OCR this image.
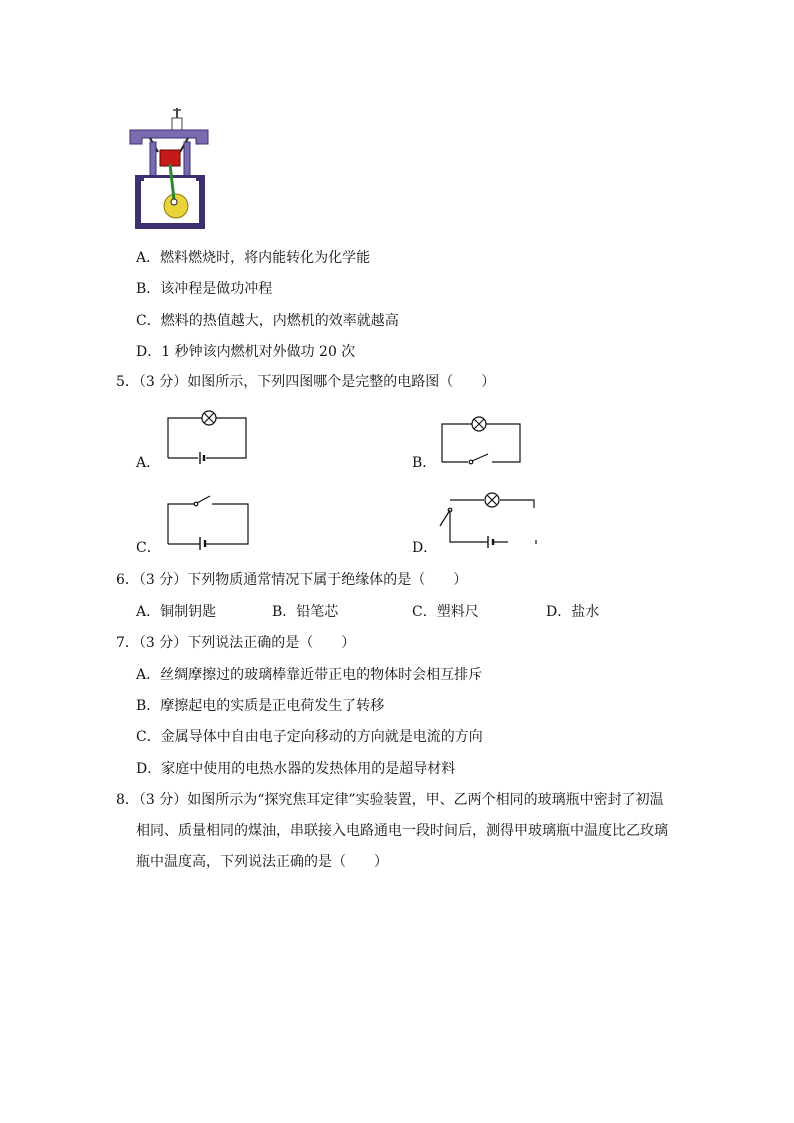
A．燃料燃烧时，将内能转化为化学能
B．该冲程是做功冲程
C．燃料的热值越大，内燃机的效率就越高
D．1 秒钟该内燃机对外做功 20 次
5．（3 分）如图所示，下列四图哪个是完整的电路图（　　）
A．	B．
C．	D．
6．（3 分）下列物质通常情况下属于绝缘体的是（　　）
A．铜制钥匙	B．铅笔芯	C．塑料尺	D．盐水
7．（3 分）下列说法正确的是（　　）
A．丝绸摩擦过的玻璃棒靠近带正电的物体时会相互排斥
B．摩擦起电的实质是正电荷发生了转移
C．金属导体中自由电子定向移动的方向就是电流的方向
D．家庭中使用的电热水器的发热体用的是超导材料
8．（3 分）如图所示为“探究焦耳定律”实验装置，甲、乙两个相同的玻璃瓶中密封了初温
相同、质量相同的煤油，串联接入电路通电一段时间后，测得甲玻璃瓶中温度比乙玫璃
瓶中温度高，下列说法正确的是（　　）
